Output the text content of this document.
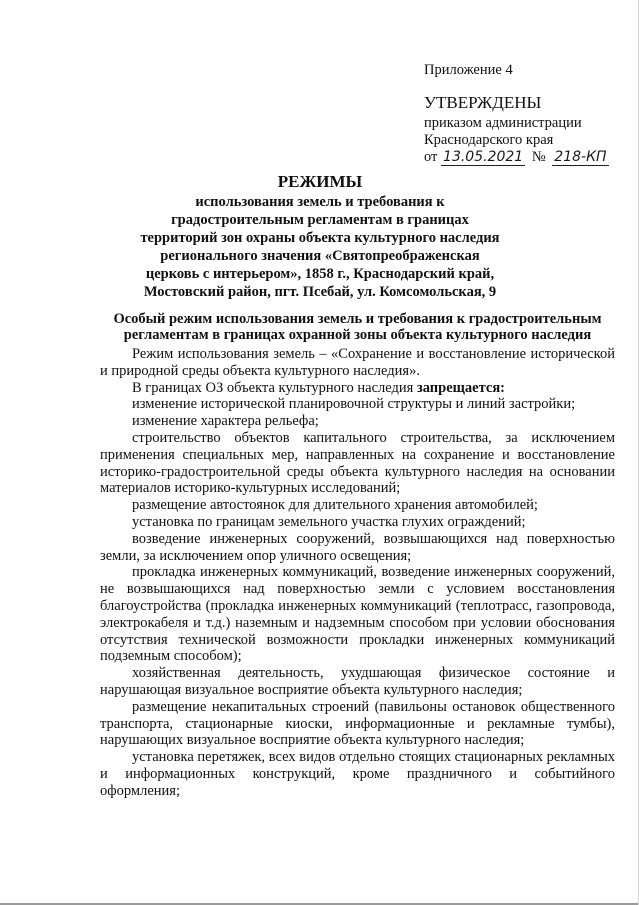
Приложение 4
УТВЕРЖДЕНЫ
приказом администрации
Краснодарского края
от 13.05.2021 № 218-КП
РЕЖИМЫ
использования земель и требования к
градостроительным регламентам в границах
территорий зон охраны объекта культурного наследия
регионального значения «Святопреображенская
церковь с интерьером», 1858 г., Краснодарский край,
Мостовский район, пгт. Псебай, ул. Комсомольская, 9
Особый режим использования земель и требования к градостроительным регламентам в границах охранной зоны объекта культурного наследия

Режим использования земель – «Сохранение и восстановление исторической и природной среды объекта культурного наследия».

В границах ОЗ объекта культурного наследия запрещается:

изменение исторической планировочной структуры и линий застройки;

изменение характера рельефа;

строительство объектов капитального строительства, за исключением применения специальных мер, направленных на сохранение и восстановление историко-градостроительной среды объекта культурного наследия на основании материалов историко-культурных исследований;

размещение автостоянок для длительного хранения автомобилей;

установка по границам земельного участка глухих ограждений;

возведение инженерных сооружений, возвышающихся над поверхностью земли, за исключением опор уличного освещения;

прокладка инженерных коммуникаций, возведение инженерных сооружений, не возвышающихся над поверхностью земли с условием восстановления благоустройства (прокладка инженерных коммуникаций (теплотрасс, газопровода, электрокабеля и т.д.) наземным и надземным способом при условии обоснования отсутствия технической возможности прокладки инженерных коммуникаций подземным способом);

хозяйственная деятельность, ухудшающая физическое состояние и нарушающая визуальное восприятие объекта культурного наследия;

размещение некапитальных строений (павильоны остановок общественного транспорта, стационарные киоски, информационные и рекламные тумбы), нарушающих визуальное восприятие объекта культурного наследия;

установка перетяжек, всех видов отдельно стоящих стационарных рекламных и информационных конструкций, кроме праздничного и событийного оформления;
